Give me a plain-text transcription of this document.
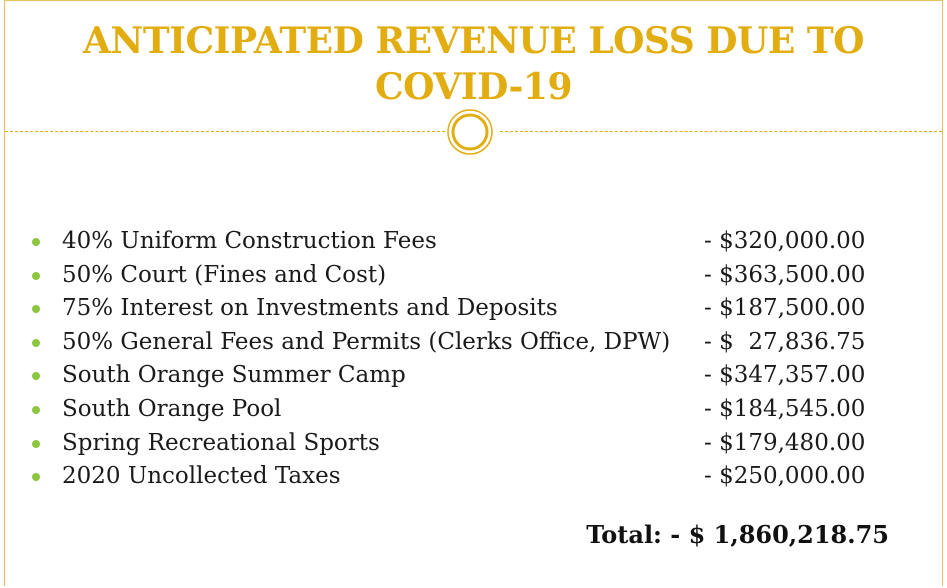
ANTICIPATED REVENUE LOSS DUE TO
COVID-19
40% Uniform Construction Fees	- $320,000.00
50% Court (Fines and Cost)	- $363,500.00
75% Interest on Investments and Deposits	- $187,500.00
50% General Fees and Permits (Clerks Office, DPW) - $  27,836.75
South Orange Summer Camp	- $347,357.00
South Orange Pool	- $184,545.00
Spring Recreational Sports	- $179,480.00
2020 Uncollected Taxes	- $250,000.00
Total: - $ 1,860,218.75
